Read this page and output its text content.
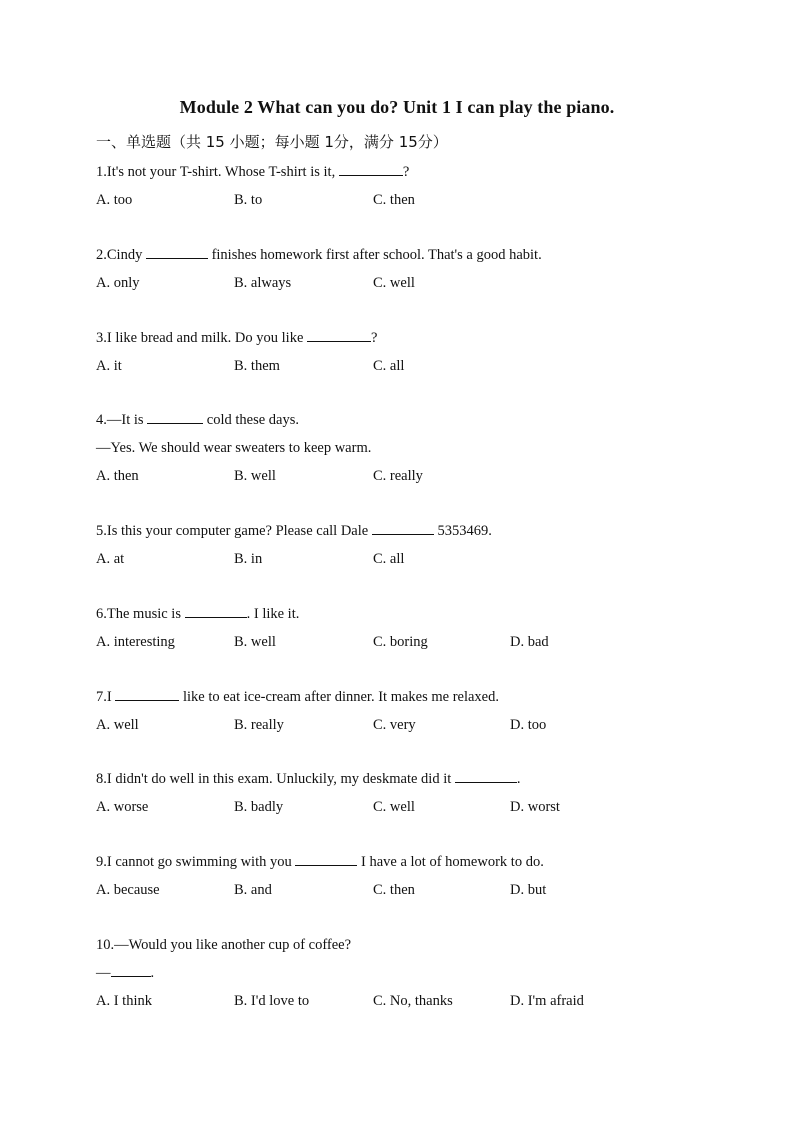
Module 2 What can you do? Unit 1 I can play the piano.
一、单选题（共 15 小题；每小题 1分，满分 15分）
1.It's not your T-shirt. Whose T-shirt is it,	?
A. too	B. to	C. then
2.Cindy	finishes homework first after school. That's a good habit.
A. only	B. always	C. well
3.I like bread and milk. Do you like	?
A. it	B. them	C. all
4.—It is	cold these days.
—Yes. We should wear sweaters to keep warm.
A. then	B. well	C. really
5.Is this your computer game? Please call Dale	5353469.
A. at	B. in	C. all
6.The music is	. I like it.
A. interesting	B. well	C. boring	D. bad
7.I	like to eat ice-cream after dinner. It makes me relaxed.
A. well	B. really	C. very	D. too
8.I didn't do well in this exam. Unluckily, my deskmate did it	.
A. worse	B. badly	C. well	D. worst
9.I cannot go swimming with you	I have a lot of homework to do.
A. because	B. and	C. then	D. but
10.—Would you like another cup of coffee?
—	.
A. I think	B. I'd love to	C. No, thanks	D. I'm afraid
